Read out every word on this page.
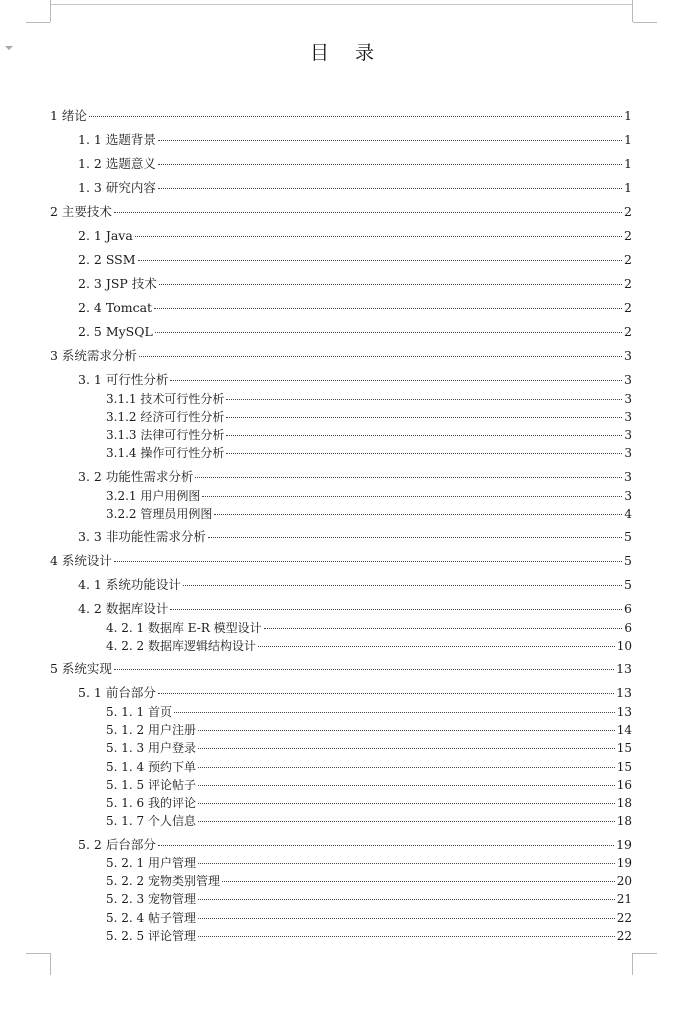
目 录
1 绪论	1
1. 1 选题背景	1
1. 2 选题意义	1
1. 3 研究内容	1
2 主要技术	2
2. 1 Java	2
2. 2 SSM	2
2. 3 JSP 技术	2
2. 4 Tomcat	2
2. 5 MySQL	2
3 系统需求分析	3
3. 1 可行性分析	3
3.1.1 技术可行性分析	3
3.1.2 经济可行性分析	3
3.1.3 法律可行性分析	3
3.1.4 操作可行性分析	3
3. 2 功能性需求分析	3
3.2.1 用户用例图	3
3.2.2 管理员用例图	4
3. 3 非功能性需求分析	5
4 系统设计	5
4. 1 系统功能设计	5
4. 2 数据库设计	6
4. 2. 1 数据库 E-R 模型设计	6
4. 2. 2 数据库逻辑结构设计	10
5 系统实现	13
5. 1 前台部分	13
5. 1. 1 首页	13
5. 1. 2 用户注册	14
5. 1. 3 用户登录	15
5. 1. 4 预约下单	15
5. 1. 5 评论帖子	16
5. 1. 6 我的评论	18
5. 1. 7 个人信息	18
5. 2 后台部分	19
5. 2. 1 用户管理	19
5. 2. 2 宠物类别管理	20
5. 2. 3 宠物管理	21
5. 2. 4 帖子管理	22
5. 2. 5 评论管理	22
